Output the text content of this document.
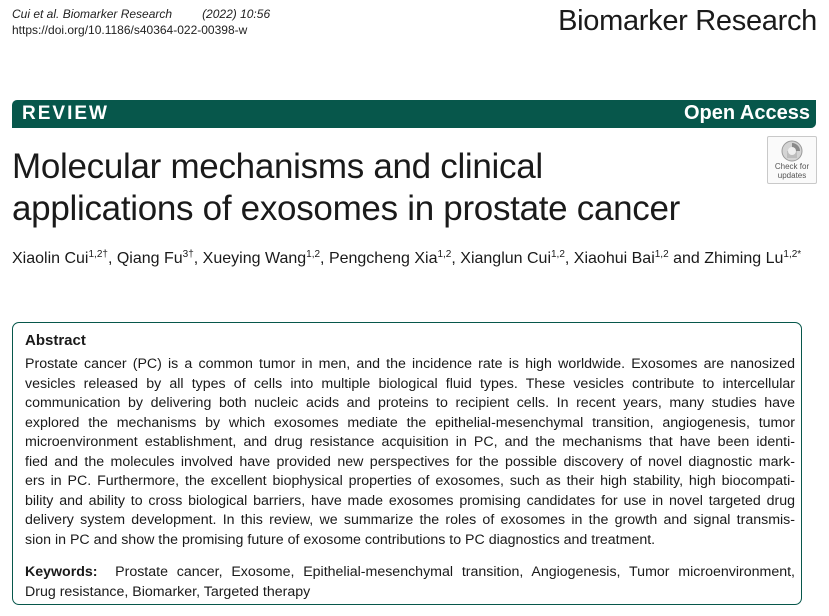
Cui et al. Biomarker Research	(2022) 10:56
https://doi.org/10.1186/s40364-022-00398-w	Biomarker Research
REVIEW	Open Access
Check for
updates
Molecular mechanisms and clinical
applications of exosomes in prostate cancer
Xiaolin Cui$^{1,2\dagger}$, Qiang $Fu^{3\dagger}$, Xueying Wang$^{1,2}$, Pengcheng Xia$^{1,2}$, Xianglun Cui$^{1,2}$, Xiaohui Bai$^{1,2}$ and Zhiming $Lu^{1,2*}$
Abstract
Prostate cancer (PC) is a common tumor in men, and the incidence rate is high worldwide. Exosomes are nanosized
vesicles released by all types of cells into multiple biological fluid types. These vesicles contribute to intercellular
communication by delivering both nucleic acids and proteins to recipient cells. In recent years, many studies have
explored the mechanisms by which exosomes mediate the epithelial-mesenchymal transition, angiogenesis, tumor
microenvironment establishment, and drug resistance acquisition in PC, and the mechanisms that have been identi-
fied and the molecules involved have provided new perspectives for the possible discovery of novel diagnostic mark-
ers in PC. Furthermore, the excellent biophysical properties of exosomes, such as their high stability, high biocompati-
bility and ability to cross biological barriers, have made exosomes promising candidates for use in novel targeted drug
delivery system development. In this review, we summarize the roles of exosomes in the growth and signal transmis-
sion in PC and show the promising future of exosome contributions to PC diagnostics and treatment.
Keywords: Prostate cancer, Exosome, Epithelial-mesenchymal transition, Angiogenesis, Tumor microenvironment,
Drug resistance, Biomarker, Targeted therapy
